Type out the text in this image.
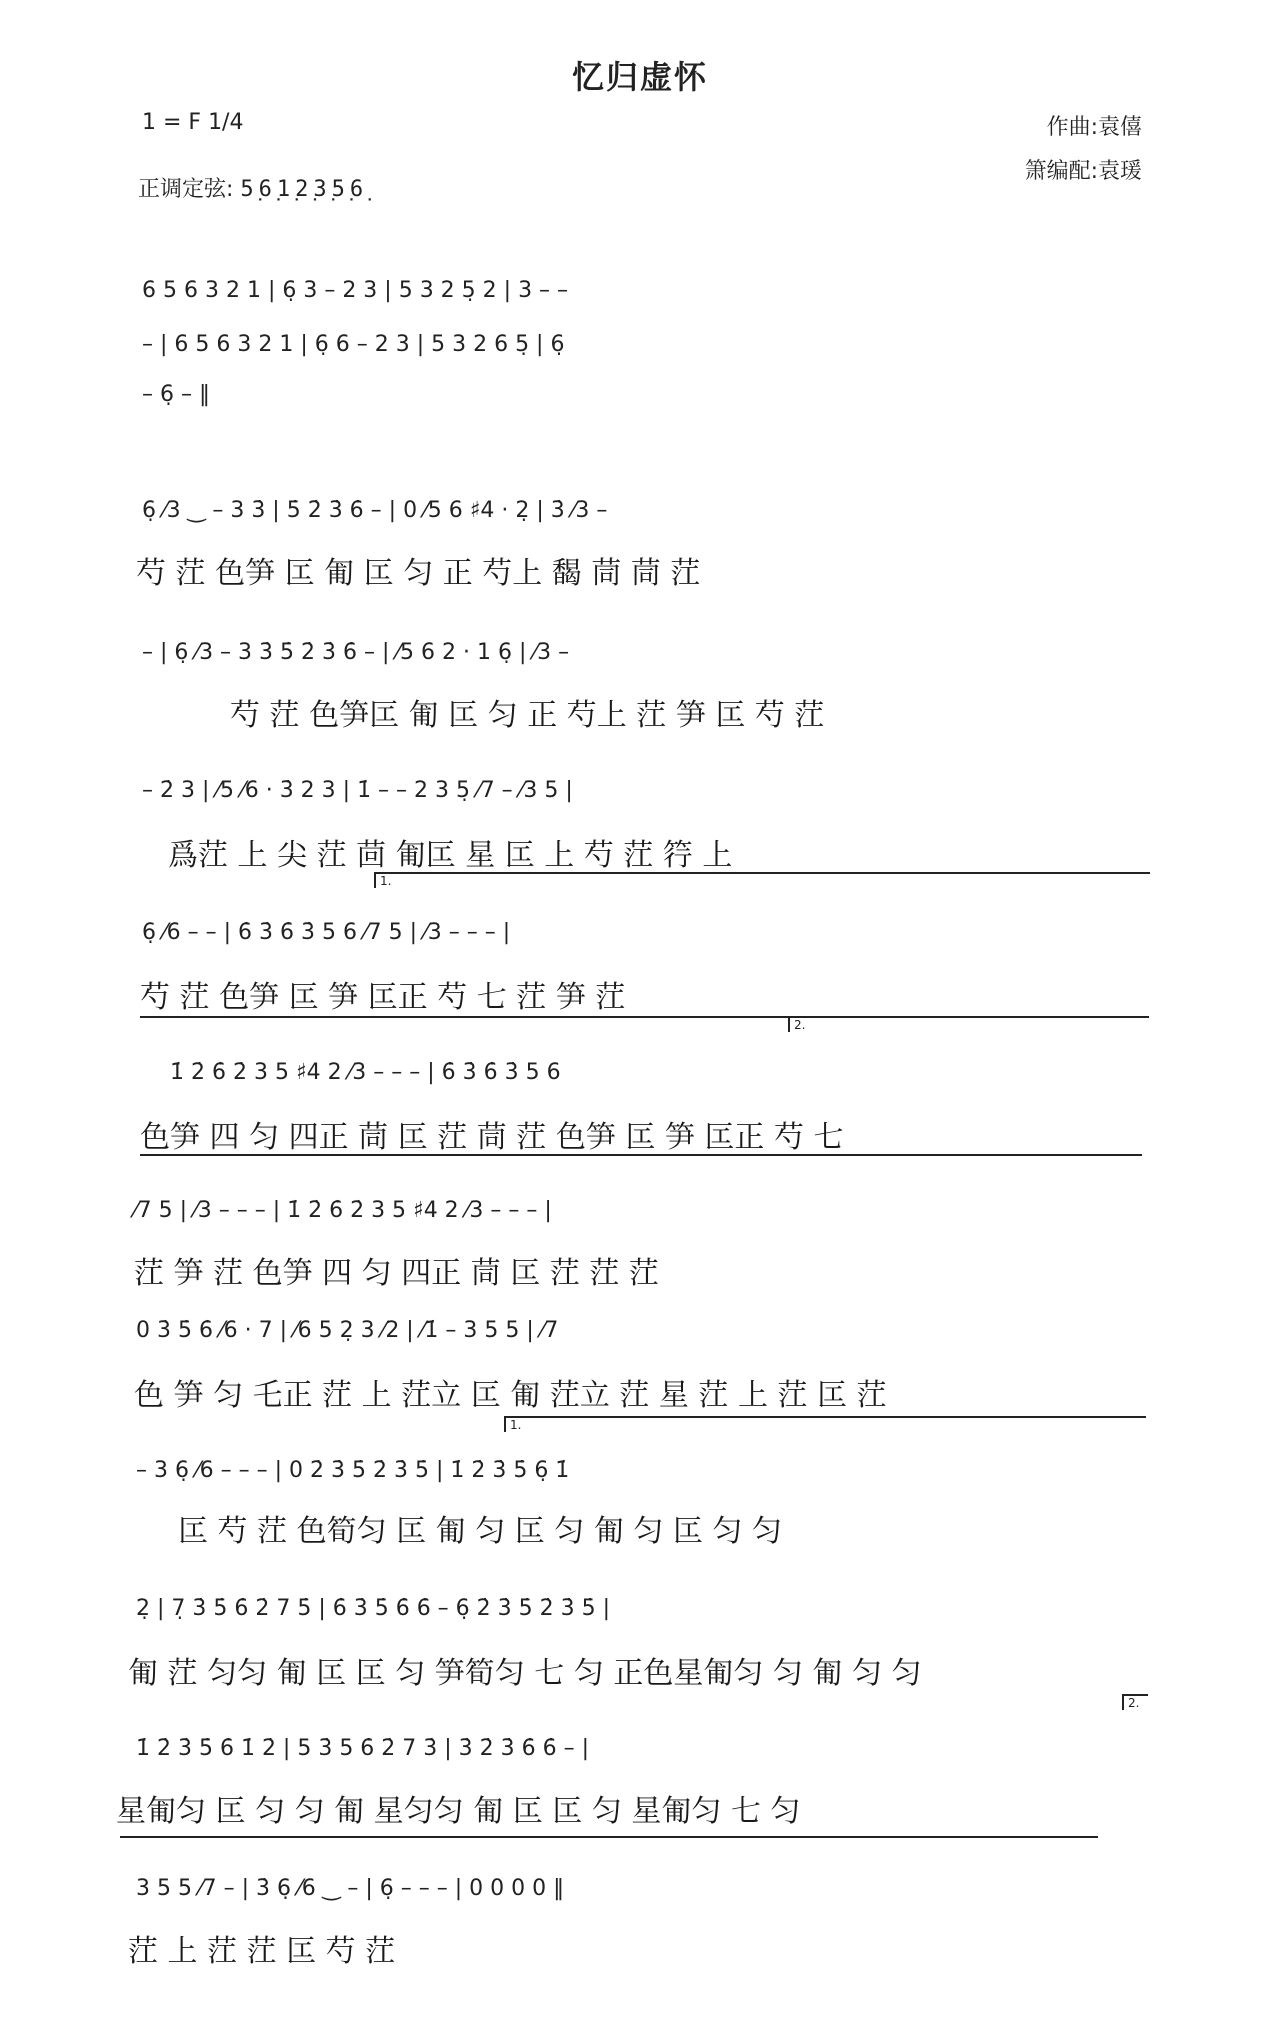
忆归虚怀
1 = F 1/4
正调定弦: 5̣6̣1̣2̣3̣5̣6̣
作曲:袁僖
箫编配:袁瑗
6 5 6 3 2 1 | 6̣ 3 – 2 3 | 5 3 2 5̣ 2 | 3 – –
– | 6 5 6 3 2 1 | 6̣ 6 – 2 3 | 5 3 2 6 5̣ | 6̣
– 6̣ – ‖
6̣ ⁄3 ‿ – 3 3̇ | 5̇ 2̇ 3̇ 6̇ – | 0 ⁄5 6 ♯4 · 2̣ | 3̇ ⁄3 –
芍 茳 色笋 匞 匍 匞 匀 正 芍上 馤 茼 茼 茳
– | 6̣ ⁄3 – 3 3̇ 5̇ 2̇ 3̇ 6̇ – | ⁄5 6 2 · 1 6̣ | ⁄3 –
芍 茳 色笋匞 匍 匞 匀 正 芍上 茳 笋 匞 芍 茳
– 2̇ 3 | ⁄5 ⁄6 · 3̇ 2 3 | 1̇ – – 2 3 5̣ ⁄7 – ⁄3 5 |
爲茳 上 尖 茳 茴 匍匞 星 匞 上 芍 茳 筕 上
1.
6̣ ⁄6 – – | 6̇ 3̇ 6̇ 3̇ 5 6 ⁄7 5 | ⁄3 – – – |
芍 茳 色笋 匞 笋 匞正 芍 七 茳 笋 茳
2.
1̇ 2̇ 6̇ 2̇ 3 5 ♯4 2 ⁄3 – – – | 6̇ 3̇ 6̇ 3̇ 5 6
色笋 四 匀 四正 茼 匞 茳 茼 茳 色笋 匞 笋 匞正 芍 七
⁄7 5 | ⁄3 – – – | 1̇ 2̇ 6̇ 2̇ 3 5 ♯4 2 ⁄3 – – – |
茳 笋 茳 色笋 四 匀 四正 茼 匞 茳 茳 茳
0 3̇ 5̇ 6̇ ⁄6 · 7 | ⁄6 5 2̣ 3 ⁄2 | ⁄1̇ – 3 5 5 | ⁄7
色 笋 匀 乇正 茳 上 茳立 匞 匍 茳立 茳 星 茳 上 茳 匞 茳
1.
– 3 6̣ ⁄6 – – – | 0 2̇ 3̇ 5̇ 2̇ 3̇ 5̇ | 1̇ 2̇ 3̇ 5̇ 6̣ 1̇
匞 芍 茳 色筍匀 匞 匍 匀 匞 匀 匍 匀 匞 匀 匀
2̣ | 7̣ 3̇ 5̇ 6̇ 2̇ 7 5̇ | 6̇ 3̇ 5̇ 6̇ 6̇ – 6̣ 2̇ 3̇ 5̇ 2̇ 3̇ 5̇ |
匍 茳 匀匀 匍 匞 匞 匀 笋筍匀 七 匀 正色星匍匀 匀 匍 匀 匀
2.
1̇ 2̇ 3̇ 5̇ 6̇ 1̇ 2̇ | 5 3̇ 5 6̇ 2̇ 7 3̇ | 3̇ 2̇ 3̇ 6̇ 6̇ – |
星匍匀 匞 匀 匀 匍 星匀匀 匍 匞 匞 匀 星匍匀 七 匀
3 5 5 ⁄7 – | 3̇ 6̣ ⁄6 ‿ – | 6̣ – – – | 0 0 0 0 ‖
茳 上 茳 茳 匞 芍 茳
